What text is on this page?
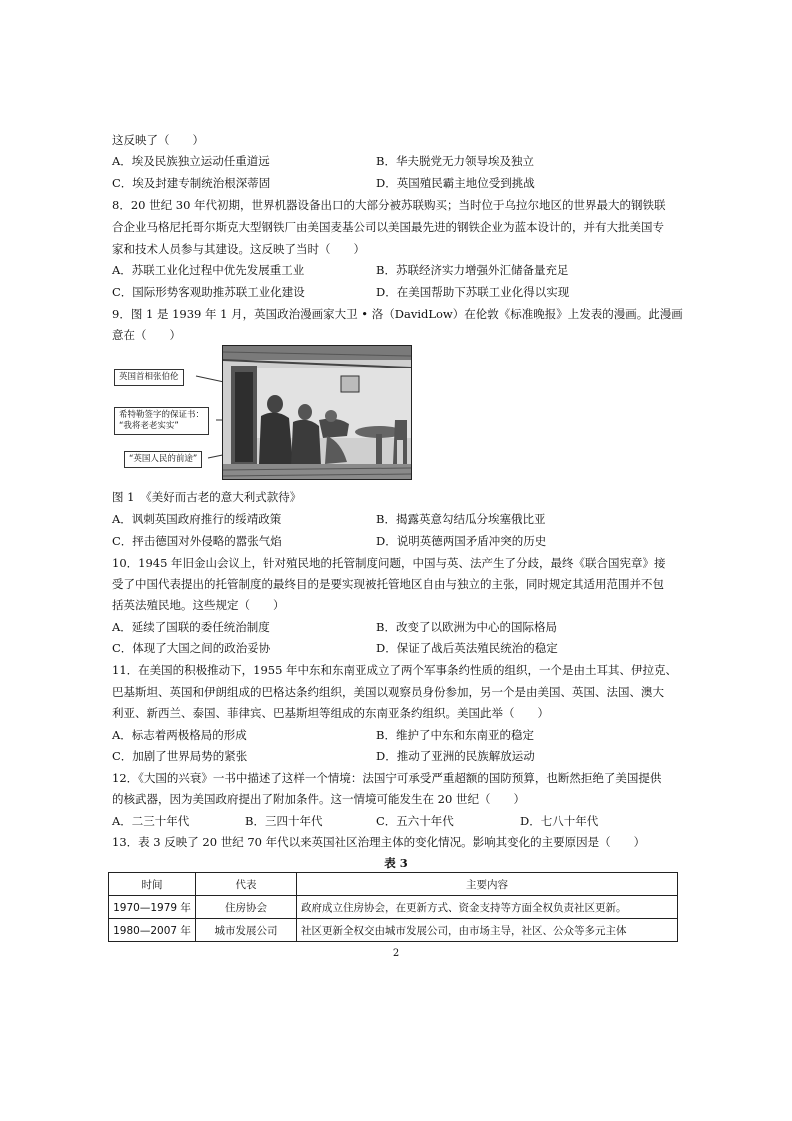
这反映了（　　）
A．埃及民族独立运动任重道远	B．华夫脱党无力领导埃及独立
C．埃及封建专制统治根深蒂固	D．英国殖民霸主地位受到挑战
8．20 世纪 30 年代初期，世界机器设备出口的大部分被苏联购买；当时位于乌拉尔地区的世界最大的钢铁联
合企业马格尼托哥尔斯克大型钢铁厂由美国麦基公司以美国最先进的钢铁企业为蓝本设计的，并有大批美国专
家和技术人员参与其建设。这反映了当时（　　）
A．苏联工业化过程中优先发展重工业	B．苏联经济实力增强外汇储备量充足
C．国际形势客观助推苏联工业化建设	D．在美国帮助下苏联工业化得以实现
9．图 1 是 1939 年 1 月，英国政治漫画家大卫 • 洛（DavidLow）在伦敦《标准晚报》上发表的漫画。此漫画
意在（　　）
英国首相张伯伦
希特勒签字的保证书：
“我将老老实实”
“英国人民的前途”
图 1　《美好而古老的意大利式款待》
A．讽刺英国政府推行的绥靖政策	B．揭露英意勾结瓜分埃塞俄比亚
C．抨击德国对外侵略的嚣张气焰	D．说明英德两国矛盾冲突的历史
10．1945 年旧金山会议上，针对殖民地的托管制度问题，中国与英、法产生了分歧，最终《联合国宪章》接
受了中国代表提出的托管制度的最终目的是要实现被托管地区自由与独立的主张，同时规定其适用范围并不包
括英法殖民地。这些规定（　　）
A．延续了国联的委任统治制度	B．改变了以欧洲为中心的国际格局
C．体现了大国之间的政治妥协	D．保证了战后英法殖民统治的稳定
11．在美国的积极推动下，1955 年中东和东南亚成立了两个军事条约性质的组织，一个是由土耳其、伊拉克、
巴基斯坦、英国和伊朗组成的巴格达条约组织，美国以观察员身份参加，另一个是由美国、英国、法国、澳大
利亚、新西兰、泰国、菲律宾、巴基斯坦等组成的东南亚条约组织。美国此举（　　）
A．标志着两极格局的形成	B．维护了中东和东南亚的稳定
C．加剧了世界局势的紧张	D．推动了亚洲的民族解放运动
12．《大国的兴衰》一书中描述了这样一个情境：法国宁可承受严重超额的国防预算，也断然拒绝了美国提供
的核武器，因为美国政府提出了附加条件。这一情境可能发生在 20 世纪（　　）
A．二三十年代	B．三四十年代	C．五六十年代	D．七八十年代
13．表 3 反映了 20 世纪 70 年代以来英国社区治理主体的变化情况。影响其变化的主要原因是（　　）
表 3
时间	代表	主要内容
1970—1979 年	住房协会	政府成立住房协会，在更新方式、资金支持等方面全权负责社区更新。
1980—2007 年	城市发展公司	社区更新全权交由城市发展公司，由市场主导，社区、公众等多元主体
2
